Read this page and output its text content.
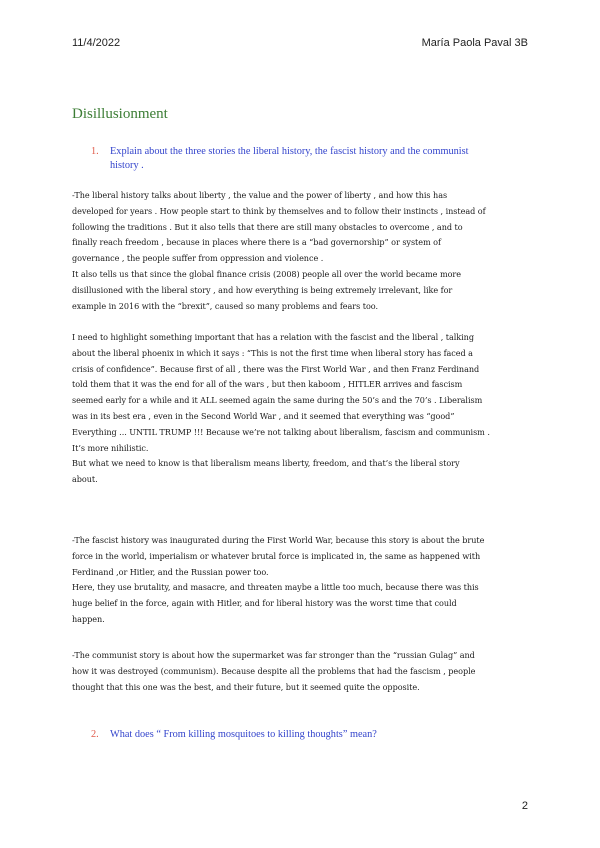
11/4/2022	María Paola Paval 3B
Disillusionment
1. Explain about the three stories the liberal history, the fascist history and the communist
history .
-The liberal history talks about liberty , the value and the power of liberty , and how this has
developed for years . How people start to think by themselves and to follow their instincts , instead of
following the traditions . But it also tells that there are still many obstacles to overcome , and to
finally reach freedom , because in places where there is a “bad governorship” or system of
governance , the people suffer from oppression and violence .
It also tells us that since the global finance crisis (2008) people all over the world became more
disillusioned with the liberal story , and how everything is being extremely irrelevant, like for
example in 2016 with the “brexit”, caused so many problems and fears too.
I need to highlight something important that has a relation with the fascist and the liberal , talking
about the liberal phoenix in which it says : “This is not the first time when liberal story has faced a
crisis of confidence”. Because first of all , there was the First World War , and then Franz Ferdinand
told them that it was the end for all of the wars , but then kaboom , HITLER arrives and fascism
seemed early for a while and it ALL seemed again the same during the 50’s and the 70’s . Liberalism
was in its best era , even in the Second World War , and it seemed that everything was “good”
Everything ... UNTIL TRUMP !!! Because we’re not talking about liberalism, fascism and communism .
It’s more nihilistic.
But what we need to know is that liberalism means liberty, freedom, and that’s the liberal story
about.
-The fascist history was inaugurated during the First World War, because this story is about the brute
force in the world, imperialism or whatever brutal force is implicated in, the same as happened with
Ferdinand ,or Hitler, and the Russian power too.
Here, they use brutality, and masacre, and threaten maybe a little too much, because there was this
huge belief in the force, again with Hitler, and for liberal history was the worst time that could
happen.
-The communist story is about how the supermarket was far stronger than the “russian Gulag” and
how it was destroyed (communism). Because despite all the problems that had the fascism , people
thought that this one was the best, and their future, but it seemed quite the opposite.
2. What does “ From killing mosquitoes to killing thoughts” mean?
2
